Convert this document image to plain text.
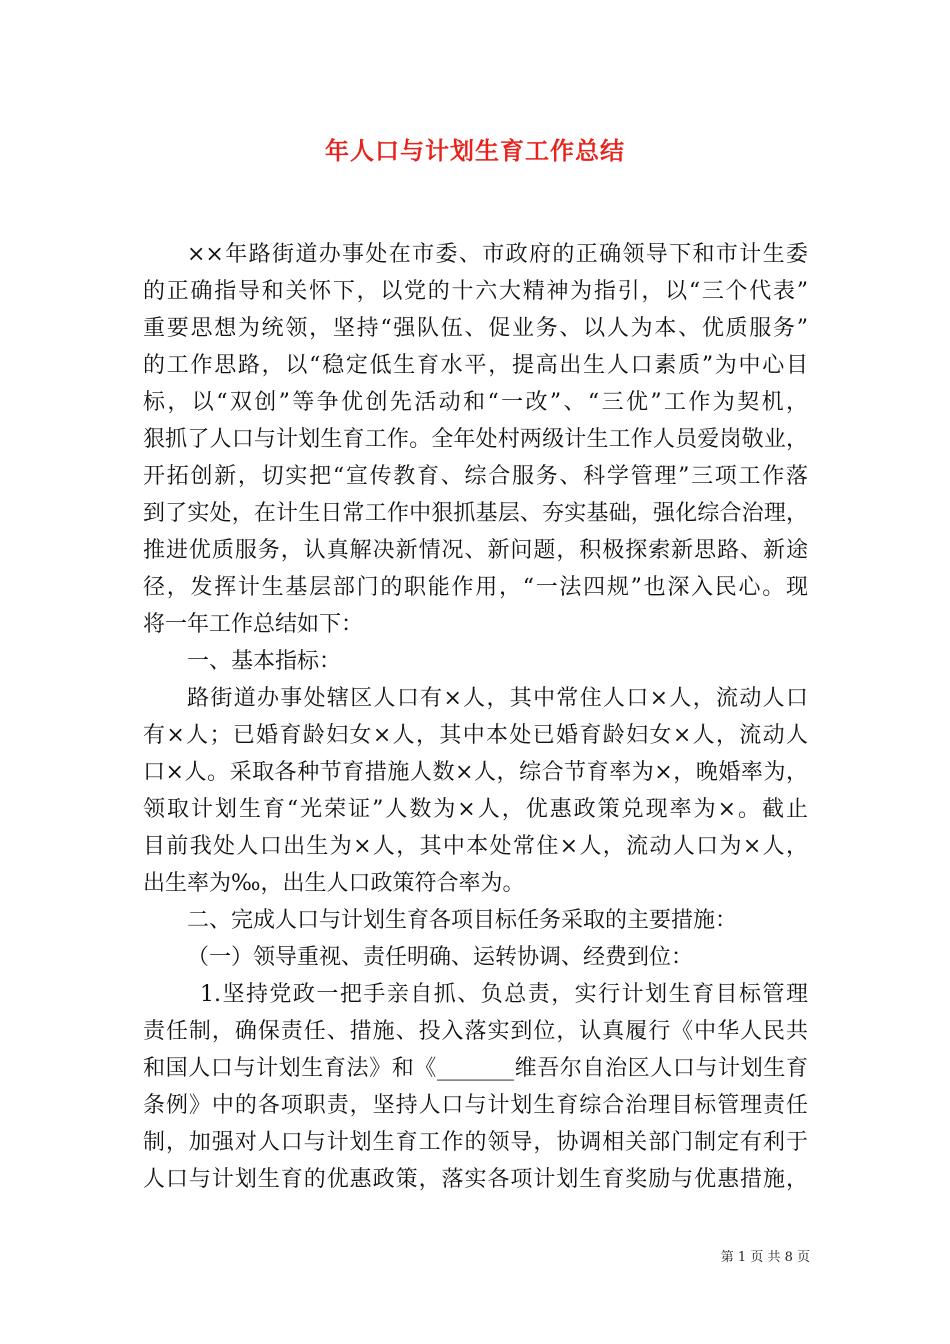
年人口与计划生育工作总结
××年路街道办事处在市委、市政府的正确领导下和市计生委
的正确指导和关怀下，以党的十六大精神为指引，以“三个代表”
重要思想为统领，坚持“强队伍、促业务、以人为本、优质服务”
的工作思路，以“稳定低生育水平，提高出生人口素质”为中心目
标，以“双创”等争优创先活动和“一改”、“三优”工作为契机，
狠抓了人口与计划生育工作。全年处村两级计生工作人员爱岗敬业，
开拓创新，切实把“宣传教育、综合服务、科学管理”三项工作落
到了实处，在计生日常工作中狠抓基层、夯实基础，强化综合治理，
推进优质服务，认真解决新情况、新问题，积极探索新思路、新途
径，发挥计生基层部门的职能作用，“一法四规”也深入民心。现
将一年工作总结如下：
一、基本指标：
路街道办事处辖区人口有×人，其中常住人口×人，流动人口
有×人；已婚育龄妇女×人，其中本处已婚育龄妇女×人，流动人
口×人。采取各种节育措施人数×人，综合节育率为×，晚婚率为，
领取计划生育“光荣证”人数为×人，优惠政策兑现率为×。截止
目前我处人口出生为×人，其中本处常住×人，流动人口为×人，
出生率为‰，出生人口政策符合率为。
二、完成人口与计划生育各项目标任务采取的主要措施：
（一）领导重视、责任明确、运转协调、经费到位：
1.坚持党政一把手亲自抓、负总责，实行计划生育目标管理
责任制，确保责任、措施、投入落实到位，认真履行《中华人民共
和国人口与计划生育法》和《_______维吾尔自治区人口与计划生育
条例》中的各项职责，坚持人口与计划生育综合治理目标管理责任
制，加强对人口与计划生育工作的领导，协调相关部门制定有利于
人口与计划生育的优惠政策，落实各项计划生育奖励与优惠措施，
第 1 页 共 8 页
